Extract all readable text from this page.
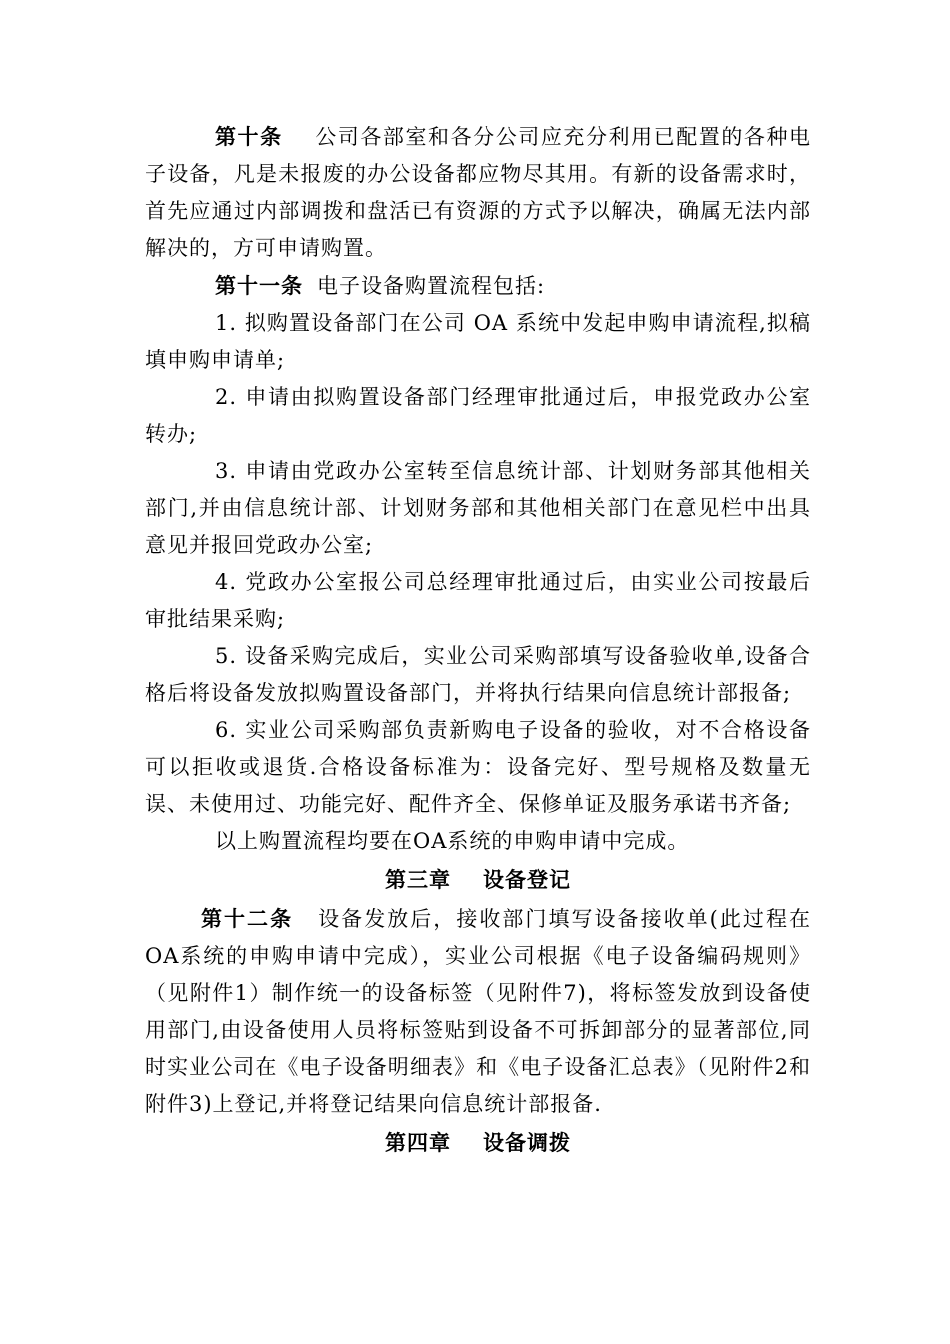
第十条 公司各部室和各分公司应充分利用已配置的各种电子设备，凡是未报废的办公设备都应物尽其用。有新的设备需求时，首先应通过内部调拨和盘活已有资源的方式予以解决，确属无法内部解决的，方可申请购置。

第十一条 电子设备购置流程包括:

1. 拟购置设备部门在公司 OA 系统中发起申购申请流程,拟稿填申购申请单;

2. 申请由拟购置设备部门经理审批通过后，申报党政办公室转办;

3. 申请由党政办公室转至信息统计部、计划财务部其他相关部门,并由信息统计部、计划财务部和其他相关部门在意见栏中出具意见并报回党政办公室;

4. 党政办公室报公司总经理审批通过后，由实业公司按最后审批结果采购;

5. 设备采购完成后，实业公司采购部填写设备验收单,设备合格后将设备发放拟购置设备部门，并将执行结果向信息统计部报备;

6. 实业公司采购部负责新购电子设备的验收，对不合格设备可以拒收或退货.合格设备标准为：设备完好、型号规格及数量无误、未使用过、功能完好、配件齐全、保修单证及服务承诺书齐备;

以上购置流程均要在OA系统的申购申请中完成。

第三章 设备登记

第十二条 设备发放后，接收部门填写设备接收单(此过程在OA系统的申购申请中完成），实业公司根据《电子设备编码规则》（见附件1）制作统一的设备标签（见附件7)，将标签发放到设备使用部门,由设备使用人员将标签贴到设备不可拆卸部分的显著部位,同时实业公司在《电子设备明细表》和《电子设备汇总表》（见附件2和附件3)上登记,并将登记结果向信息统计部报备.

第四章 设备调拨
